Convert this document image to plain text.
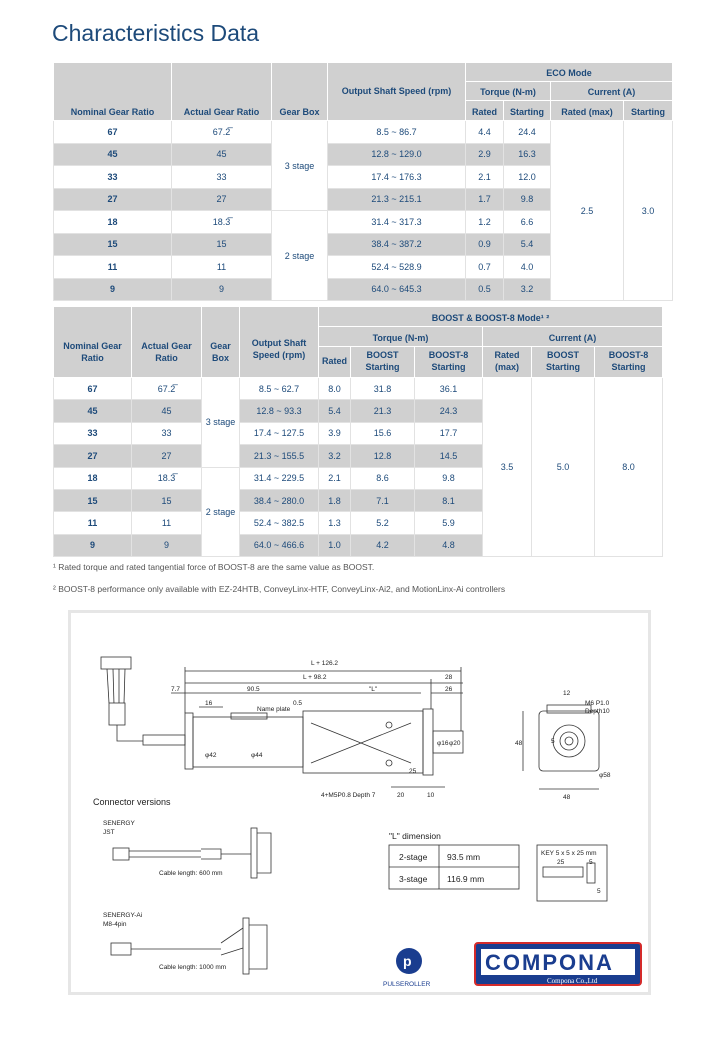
Characteristics Data
Nominal Gear Ratio	Actual Gear Ratio	Gear Box	Output Shaft Speed (rpm)	ECO Mode			
				Torque (N-m)		Current (A)	
				Rated	Starting	Rated (max)	Starting
67	67.2̅	3 stage	8.5 ~ 86.7	4.4	24.4	2.5	3.0
45	45		12.8 ~ 129.0	2.9	16.3		
33	33		17.4 ~ 176.3	2.1	12.0		
27	27		21.3 ~ 215.1	1.7	9.8		
18	18.3̅	2 stage	31.4 ~ 317.3	1.2	6.6		
15	15		38.4 ~ 387.2	0.9	5.4		
11	11		52.4 ~ 528.9	0.7	4.0		
9	9		64.0 ~ 645.3	0.5	3.2		
Nominal Gear Ratio	Actual Gear Ratio	Gear Box	Output Shaft Speed (rpm)	BOOST & BOOST-8 Mode¹ ²					
				Torque (N-m)			Current (A)		
				Rated	BOOST Starting	BOOST-8 Starting	Rated (max)	BOOST Starting	BOOST-8 Starting
67	67.2̅	3 stage	8.5 ~ 62.7	8.0	31.8	36.1	3.5	5.0	8.0
45	45		12.8 ~ 93.3	5.4	21.3	24.3			
33	33		17.4 ~ 127.5	3.9	15.6	17.7			
27	27		21.3 ~ 155.5	3.2	12.8	14.5			
18	18.3̅	2 stage	31.4 ~ 229.5	2.1	8.6	9.8			
15	15		38.4 ~ 280.0	1.8	7.1	8.1			
11	11		52.4 ~ 382.5	1.3	5.2	5.9			
9	9		64.0 ~ 466.6	1.0	4.2	4.8			

¹ Rated torque and rated tangential force of BOOST-8 are the same value as BOOST.

² BOOST-8 performance only available with EZ-24HTB, ConveyLinx-HTF, ConveyLinx-Ai2, and MotionLinx-Ai controllers

L + 126.2
L + 98.2	28
7.7	90.5	"L"	26
16	0.5
Name plate
φ42	φ44
φ16 φ20
25
20	10
4+M5P0.8 Depth 7
12
M6 P1.0
Depth10
48
48
5
φ58
Connector versions
SENERGY
JST
Cable length: 600 mm
SENERGY-Ai
M8-4pin
Cable length: 1000 mm
"L" dimension
2-stage 93.5 mm
3-stage 116.9 mm
KEY 5 x 5 x 25 mm
25	5
5
p
PULSEROLLER
COMPONA
Compona Co.,Ltd
